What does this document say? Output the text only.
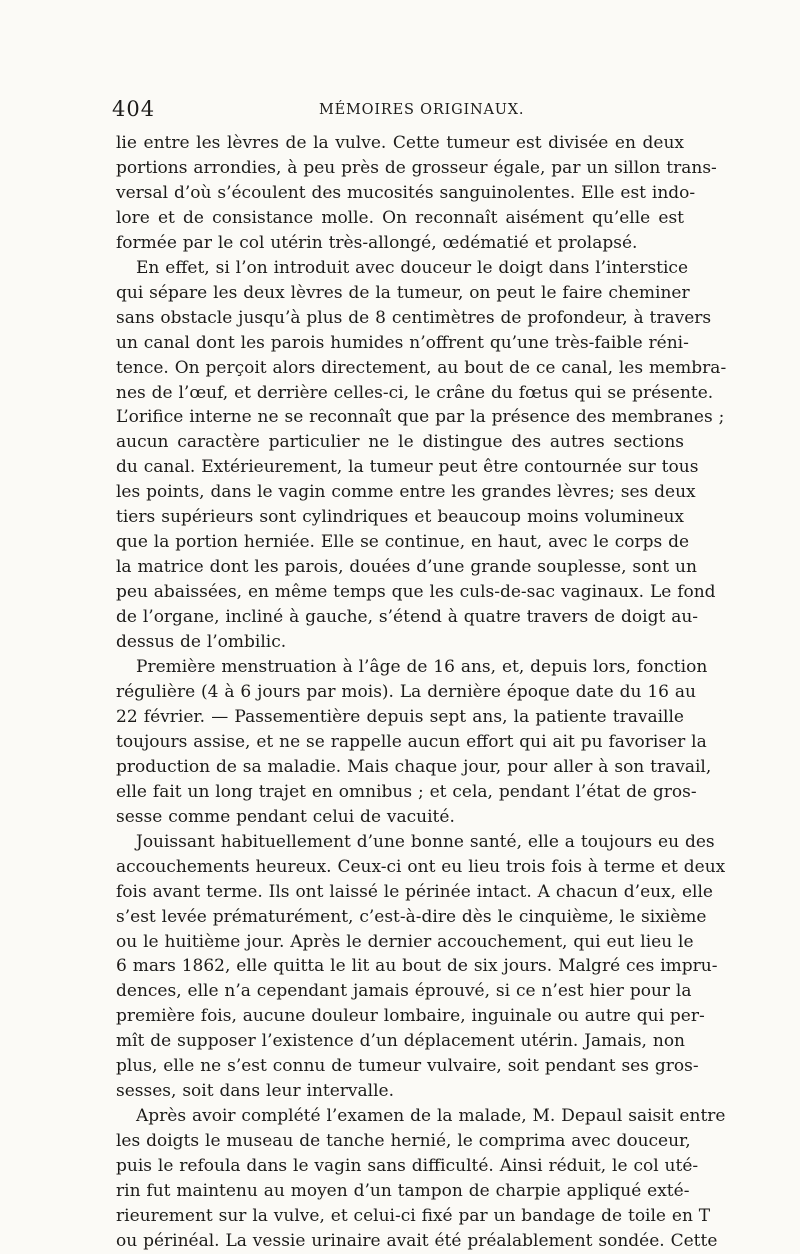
404	MÉMOIRES ORIGINAUX.
lie entre les lèvres de la vulve. Cette tumeur est divisée en deux
portions arrondies, à peu près de grosseur égale, par un sillon trans-
versal d’où s’écoulent des mucosités sanguinolentes. Elle est indo-
lore et de consistance molle. On reconnaît aisément qu’elle est
formée par le col utérin très-allongé, œdématié et prolapsé.
En effet, si l’on introduit avec douceur le doigt dans l’interstice
qui sépare les deux lèvres de la tumeur, on peut le faire cheminer
sans obstacle jusqu’à plus de 8 centimètres de profondeur, à travers
un canal dont les parois humides n’offrent qu’une très-faible réni-
tence. On perçoit alors directement, au bout de ce canal, les membra-
nes de l’œuf, et derrière celles-ci, le crâne du fœtus qui se présente.
L’orifice interne ne se reconnaît que par la présence des membranes ;
aucun caractère particulier ne le distingue des autres sections
du canal. Extérieurement, la tumeur peut être contournée sur tous
les points, dans le vagin comme entre les grandes lèvres; ses deux
tiers supérieurs sont cylindriques et beaucoup moins volumineux
que la portion herniée. Elle se continue, en haut, avec le corps de
la matrice dont les parois, douées d’une grande souplesse, sont un
peu abaissées, en même temps que les culs-de-sac vaginaux. Le fond
de l’organe, incliné à gauche, s’étend à quatre travers de doigt au-
dessus de l’ombilic.
Première menstruation à l’âge de 16 ans, et, depuis lors, fonction
régulière (4 à 6 jours par mois). La dernière époque date du 16 au
22 février. — Passementière depuis sept ans, la patiente travaille
toujours assise, et ne se rappelle aucun effort qui ait pu favoriser la
production de sa maladie. Mais chaque jour, pour aller à son travail,
elle fait un long trajet en omnibus ; et cela, pendant l’état de gros-
sesse comme pendant celui de vacuité.
Jouissant habituellement d’une bonne santé, elle a toujours eu des
accouchements heureux. Ceux-ci ont eu lieu trois fois à terme et deux
fois avant terme. Ils ont laissé le périnée intact. A chacun d’eux, elle
s’est levée prématurément, c’est-à-dire dès le cinquième, le sixième
ou le huitième jour. Après le dernier accouchement, qui eut lieu le
6 mars 1862, elle quitta le lit au bout de six jours. Malgré ces impru-
dences, elle n’a cependant jamais éprouvé, si ce n’est hier pour la
première fois, aucune douleur lombaire, inguinale ou autre qui per-
mît de supposer l’existence d’un déplacement utérin. Jamais, non
plus, elle ne s’est connu de tumeur vulvaire, soit pendant ses gros-
sesses, soit dans leur intervalle.
Après avoir complété l’examen de la malade, M. Depaul saisit entre
les doigts le museau de tanche hernié, le comprima avec douceur,
puis le refoula dans le vagin sans difficulté. Ainsi réduit, le col uté-
rin fut maintenu au moyen d’un tampon de charpie appliqué exté-
rieurement sur la vulve, et celui-ci fixé par un bandage de toile en T
ou périnéal. La vessie urinaire avait été préalablement sondée. Cette
